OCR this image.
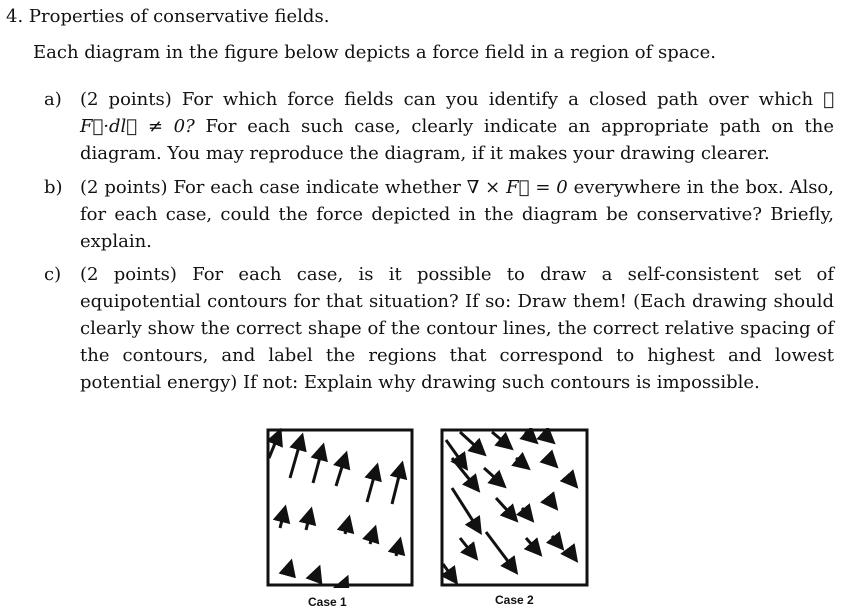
4. Properties of conservative fields.
Each diagram in the figure below depicts a force field in a region of space.
a) (2 points) For which force fields can you identify a closed path over which ∮ F⃗·dl⃗ ≠ 0? For each such case, clearly indicate an appropriate path on the diagram. You may reproduce the diagram, if it makes your drawing clearer.
b) (2 points) For each case indicate whether ∇ × F⃗ = 0 everywhere in the box. Also, for each case, could the force depicted in the diagram be conservative? Briefly, explain.
c) (2 points) For each case, is it possible to draw a self-consistent set of equipotential contours for that situation? If so: Draw them! (Each drawing should clearly show the correct shape of the contour lines, the correct relative spacing of the contours, and label the regions that correspond to highest and lowest potential energy) If not: Explain why drawing such contours is impossible.
Case 1	Case 2
